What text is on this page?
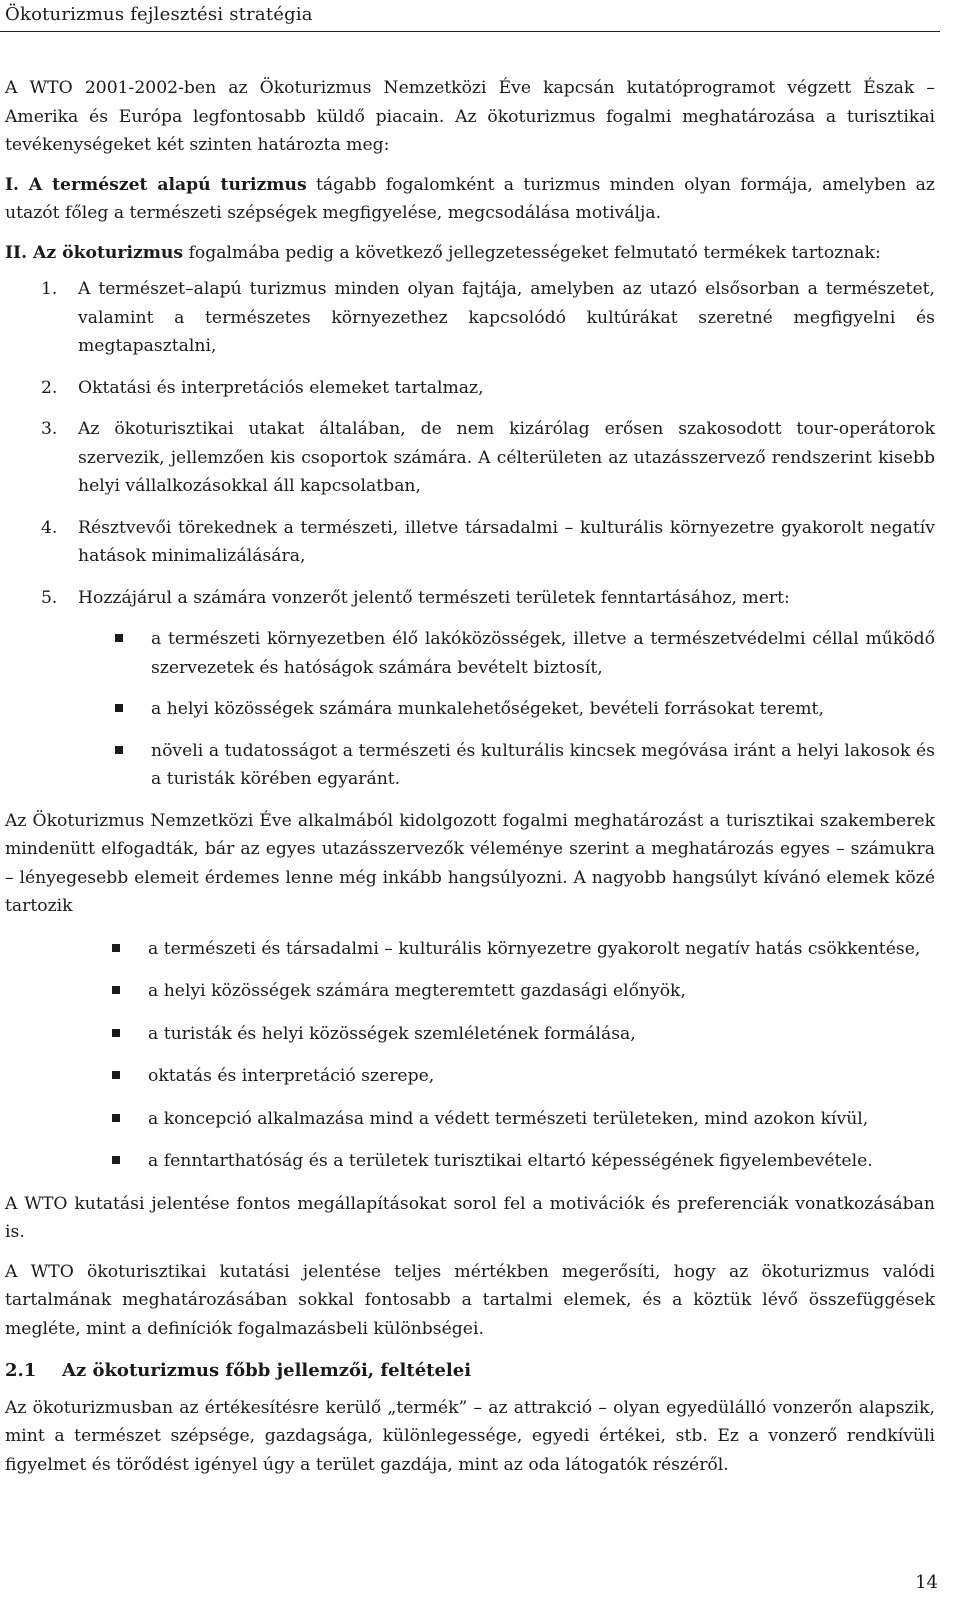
Ökoturizmus fejlesztési stratégia

A WTO 2001-2002-ben az Ökoturizmus Nemzetközi Éve kapcsán kutatóprogramot végzett Észak – Amerika és Európa legfontosabb küldő piacain. Az ökoturizmus fogalmi meghatározása a turisztikai tevékenységeket két szinten határozta meg:

I. A természet alapú turizmus tágabb fogalomként a turizmus minden olyan formája, amelyben az utazót főleg a természeti szépségek megfigyelése, megcsodálása motiválja.

II. Az ökoturizmus fogalmába pedig a következő jellegzetességeket felmutató termékek tartoznak:

1. A természet–alapú turizmus minden olyan fajtája, amelyben az utazó elsősorban a természetet, valamint a természetes környezethez kapcsolódó kultúrákat szeretné megfigyelni és megtapasztalni,
2. Oktatási és interpretációs elemeket tartalmaz,
3. Az ökoturisztikai utakat általában, de nem kizárólag erősen szakosodott tour-operátorok szervezik, jellemzően kis csoportok számára. A célterületen az utazásszervező rendszerint kisebb helyi vállalkozásokkal áll kapcsolatban,
4. Résztvevői törekednek a természeti, illetve társadalmi – kulturális környezetre gyakorolt negatív hatások minimalizálására,
5. Hozzájárul a számára vonzerőt jelentő természeti területek fenntartásához, mert:
a természeti környezetben élő lakóközösségek, illetve a természetvédelmi céllal működő szervezetek és hatóságok számára bevételt biztosít,
a helyi közösségek számára munkalehetőségeket, bevételi forrásokat teremt,
növeli a tudatosságot a természeti és kulturális kincsek megóvása iránt a helyi lakosok és a turisták körében egyaránt.

Az Ökoturizmus Nemzetközi Éve alkalmából kidolgozott fogalmi meghatározást a turisztikai szakemberek mindenütt elfogadták, bár az egyes utazásszervezők véleménye szerint a meghatározás egyes – számukra – lényegesebb elemeit érdemes lenne még inkább hangsúlyozni. A nagyobb hangsúlyt kívánó elemek közé tartozik

a természeti és társadalmi – kulturális környezetre gyakorolt negatív hatás csökkentése,
a helyi közösségek számára megteremtett gazdasági előnyök,
a turisták és helyi közösségek szemléletének formálása,
oktatás és interpretáció szerepe,
a koncepció alkalmazása mind a védett természeti területeken, mind azokon kívül,
a fenntarthatóság és a területek turisztikai eltartó képességének figyelembevétele.

A WTO kutatási jelentése fontos megállapításokat sorol fel a motivációk és preferenciák vonatkozásában is.

A WTO ökoturisztikai kutatási jelentése teljes mértékben megerősíti, hogy az ökoturizmus valódi tartalmának meghatározásában sokkal fontosabb a tartalmi elemek, és a köztük lévő összefüggések megléte, mint a definíciók fogalmazásbeli különbségei.

2.1 Az ökoturizmus főbb jellemzői, feltételei

Az ökoturizmusban az értékesítésre kerülő „termék” – az attrakció – olyan egyedülálló vonzerőn alapszik, mint a természet szépsége, gazdagsága, különlegessége, egyedi értékei, stb. Ez a vonzerő rendkívüli figyelmet és törődést igényel úgy a terület gazdája, mint az oda látogatók részéről.

14
